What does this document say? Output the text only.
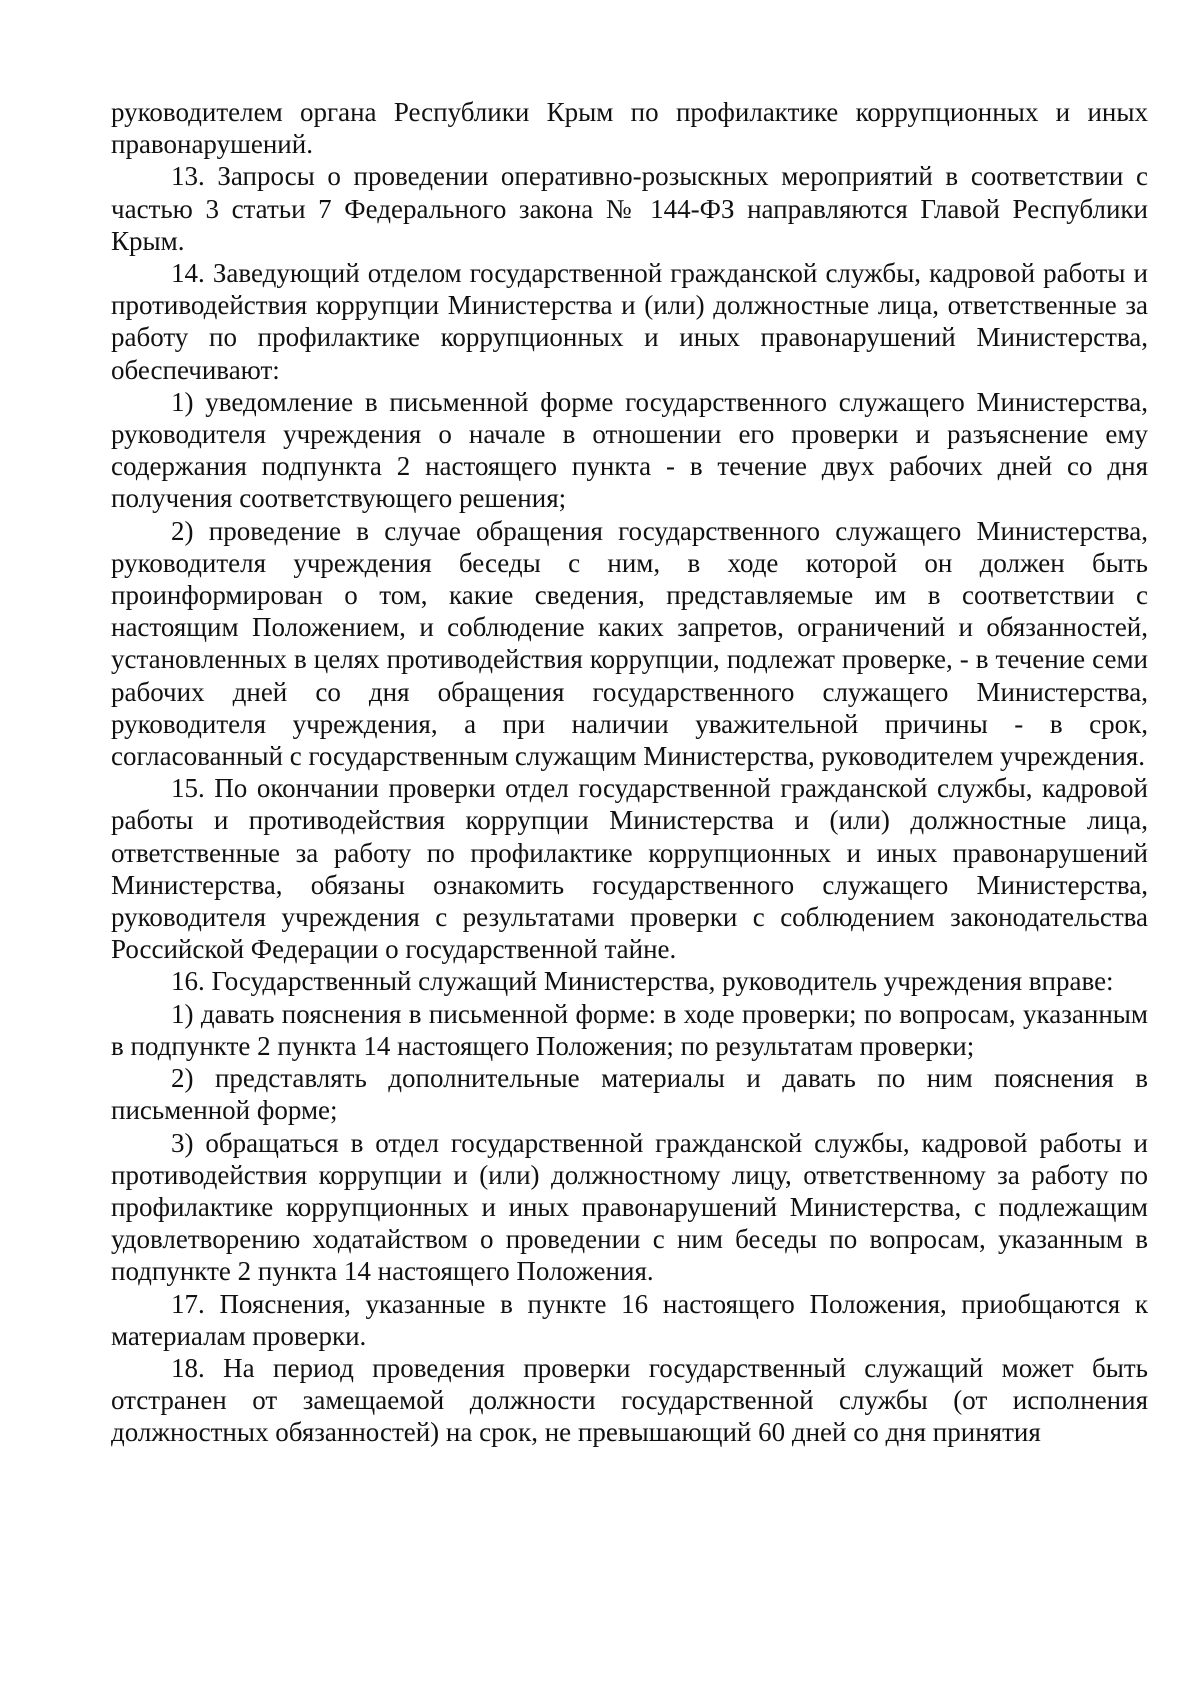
руководителем органа Республики Крым по профилактике коррупционных и иных правонарушений.

13. Запросы о проведении оперативно-розыскных мероприятий в соответствии с частью 3 статьи 7 Федерального закона № 144-ФЗ направляются Главой Республики Крым.

14. Заведующий отделом государственной гражданской службы, кадровой работы и противодействия коррупции Министерства и (или) должностные лица, ответственные за работу по профилактике коррупционных и иных правонарушений Министерства, обеспечивают:

1) уведомление в письменной форме государственного служащего Министерства, руководителя учреждения о начале в отношении его проверки и разъяснение ему содержания подпункта 2 настоящего пункта - в течение двух рабочих дней со дня получения соответствующего решения;

2) проведение в случае обращения государственного служащего Министерства, руководителя учреждения беседы с ним, в ходе которой он должен быть проинформирован о том, какие сведения, представляемые им в соответствии с настоящим Положением, и соблюдение каких запретов, ограничений и обязанностей, установленных в целях противодействия коррупции, подлежат проверке, - в течение семи рабочих дней со дня обращения государственного служащего Министерства, руководителя учреждения, а при наличии уважительной причины - в срок, согласованный с государственным служащим Министерства, руководителем учреждения.

15. По окончании проверки отдел государственной гражданской службы, кадровой работы и противодействия коррупции Министерства и (или) должностные лица, ответственные за работу по профилактике коррупционных и иных правонарушений Министерства, обязаны ознакомить государственного служащего Министерства, руководителя учреждения с результатами проверки с соблюдением законодательства Российской Федерации о государственной тайне.

16. Государственный служащий Министерства, руководитель учреждения вправе:

1) давать пояснения в письменной форме: в ходе проверки; по вопросам, указанным в подпункте 2 пункта 14 настоящего Положения; по результатам проверки;

2) представлять дополнительные материалы и давать по ним пояснения в письменной форме;

3) обращаться в отдел государственной гражданской службы, кадровой работы и противодействия коррупции и (или) должностному лицу, ответственному за работу по профилактике коррупционных и иных правонарушений Министерства, с подлежащим удовлетворению ходатайством о проведении с ним беседы по вопросам, указанным в подпункте 2 пункта 14 настоящего Положения.

17. Пояснения, указанные в пункте 16 настоящего Положения, приобщаются к материалам проверки.

18. На период проведения проверки государственный служащий может быть отстранен от замещаемой должности государственной службы (от исполнения должностных обязанностей) на срок, не превышающий 60 дней со дня принятия
